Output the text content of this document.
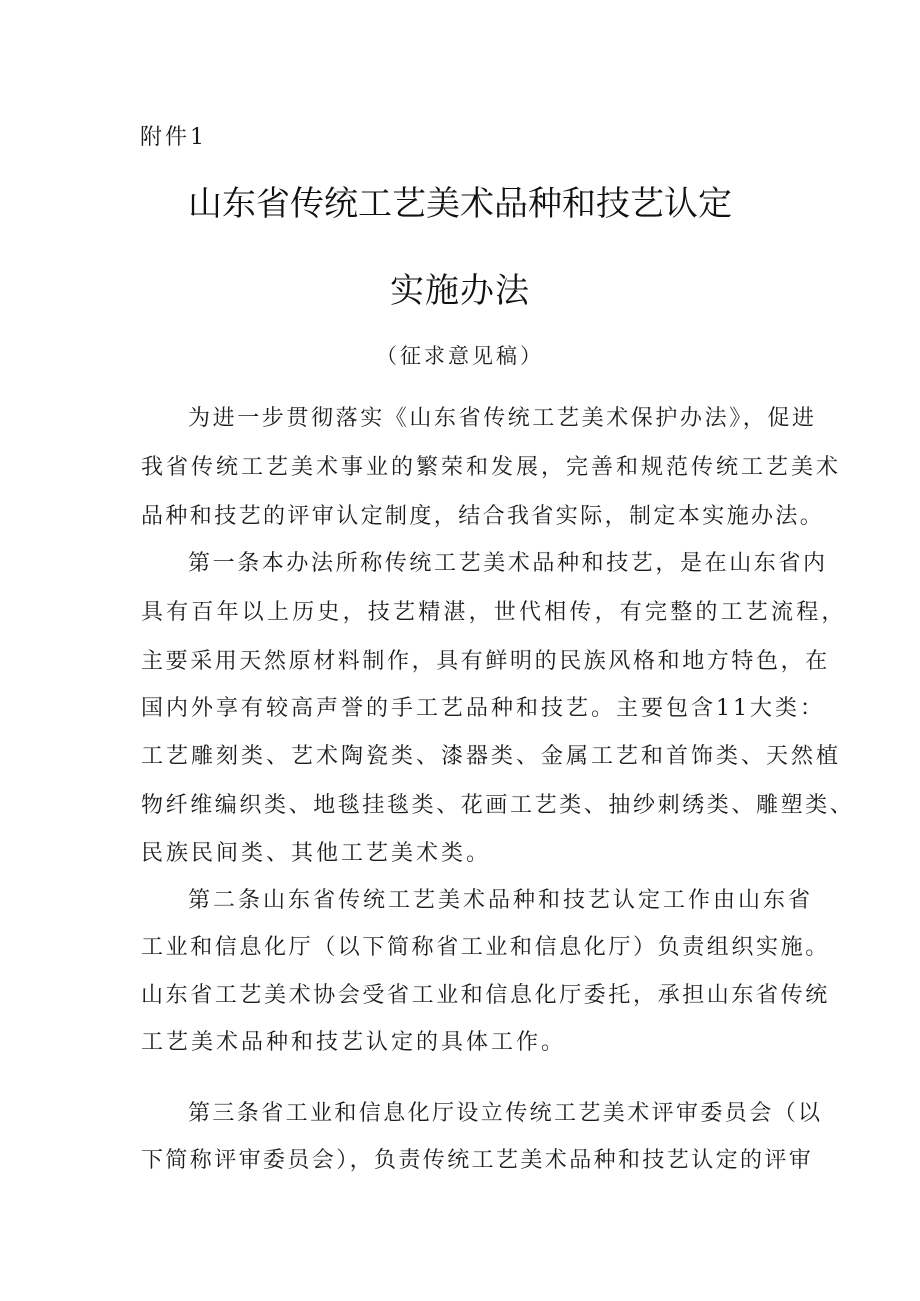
附件1
山东省传统工艺美术品种和技艺认定
实施办法
（征求意见稿）
为进一步贯彻落实《山东省传统工艺美术保护办法》，促进
我省传统工艺美术事业的繁荣和发展，完善和规范传统工艺美术
品种和技艺的评审认定制度，结合我省实际，制定本实施办法。
第一条本办法所称传统工艺美术品种和技艺，是在山东省内
具有百年以上历史，技艺精湛，世代相传，有完整的工艺流程，
主要采用天然原材料制作，具有鲜明的民族风格和地方特色，在
国内外享有较高声誉的手工艺品种和技艺。主要包含11大类：
工艺雕刻类、艺术陶瓷类、漆器类、金属工艺和首饰类、天然植
物纤维编织类、地毯挂毯类、花画工艺类、抽纱刺绣类、雕塑类、
民族民间类、其他工艺美术类。
第二条山东省传统工艺美术品种和技艺认定工作由山东省
工业和信息化厅（以下简称省工业和信息化厅）负责组织实施。
山东省工艺美术协会受省工业和信息化厅委托，承担山东省传统
工艺美术品种和技艺认定的具体工作。
第三条省工业和信息化厅设立传统工艺美术评审委员会（以
下简称评审委员会），负责传统工艺美术品种和技艺认定的评审
